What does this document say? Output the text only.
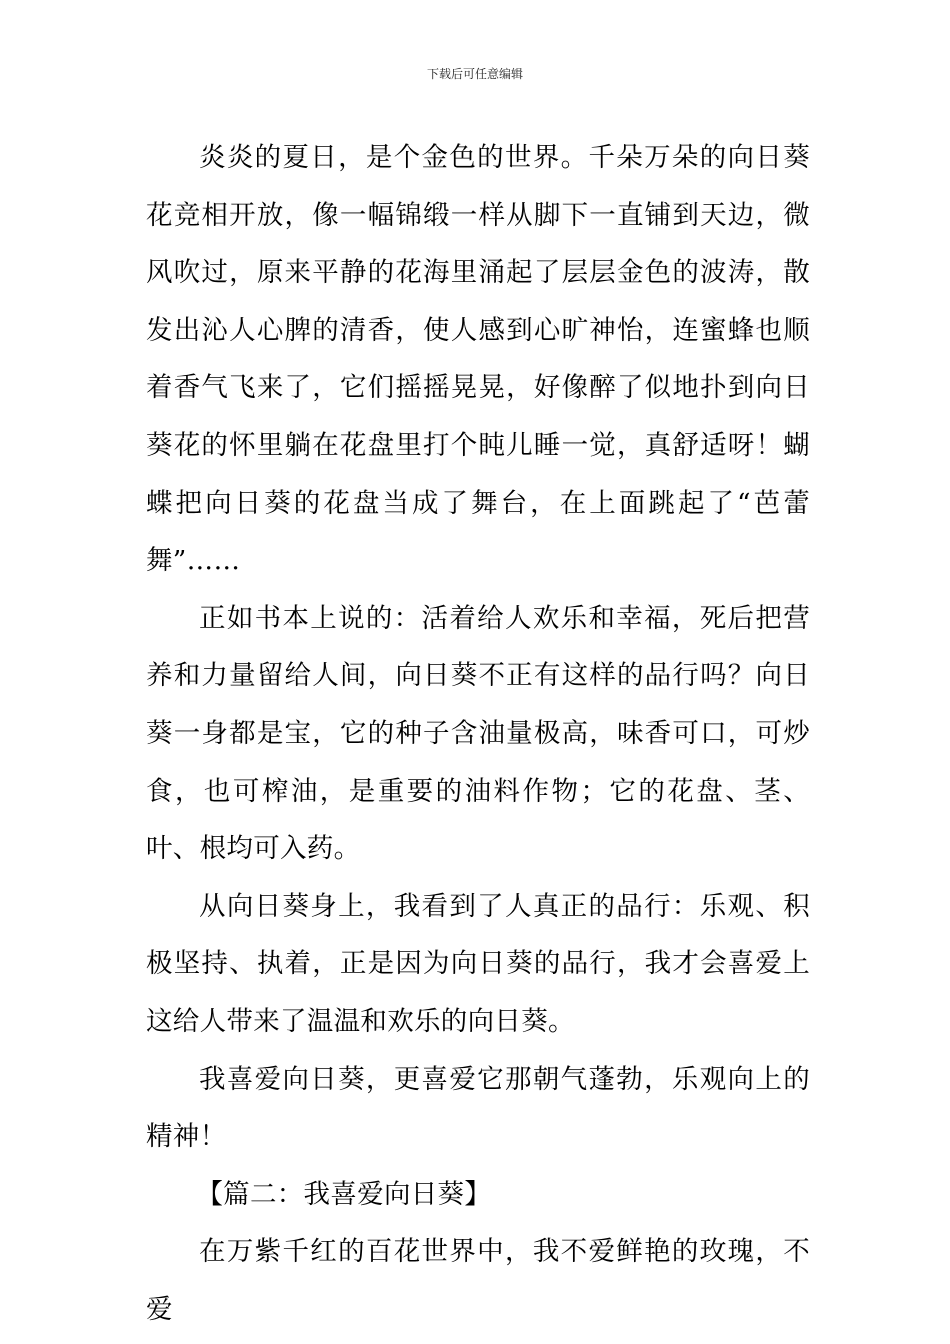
下载后可任意编辑

炎炎的夏日，是个金色的世界。千朵万朵的向日葵花竞相开放，像一幅锦缎一样从脚下一直铺到天边，微风吹过，原来平静的花海里涌起了层层金色的波涛，散发出沁人心脾的清香，使人感到心旷神怡，连蜜蜂也顺着香气飞来了，它们摇摇晃晃，好像醉了似地扑到向日葵花的怀里躺在花盘里打个盹儿睡一觉，真舒适呀！蝴蝶把向日葵的花盘当成了舞台，在上面跳起了“芭蕾舞”……

正如书本上说的：活着给人欢乐和幸福，死后把营养和力量留给人间，向日葵不正有这样的品行吗？向日葵一身都是宝，它的种子含油量极高，味香可口，可炒食，也可榨油，是重要的油料作物；它的花盘、茎、叶、根均可入药。

从向日葵身上，我看到了人真正的品行：乐观、积极坚持、执着，正是因为向日葵的品行，我才会喜爱上这给人带来了温温和欢乐的向日葵。

我喜爱向日葵，更喜爱它那朝气蓬勃，乐观向上的精神！

【篇二：我喜爱向日葵】

在万紫千红的百花世界中，我不爱鲜艳的玫瑰，不爱
